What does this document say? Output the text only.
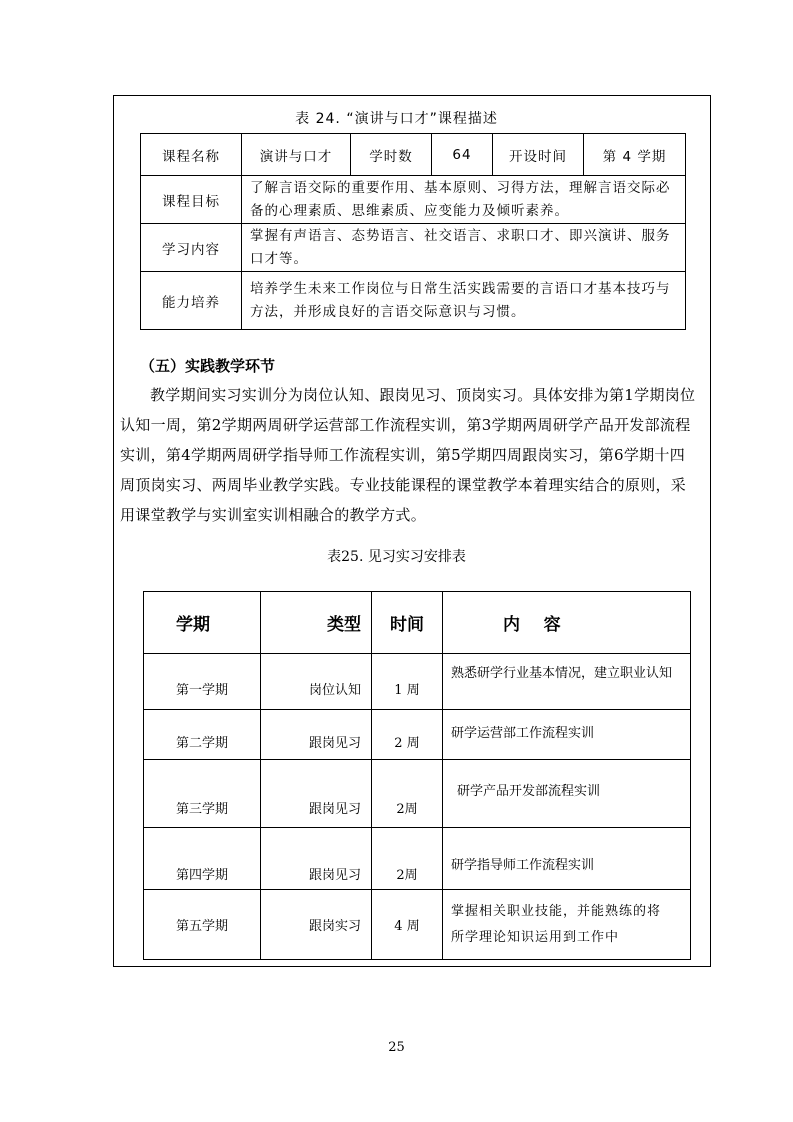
表 24. “演讲与口才”课程描述
课程名称	演讲与口才	学时数	64	开设时间	第 4 学期
课程目标	了解言语交际的重要作用、基本原则、习得方法，理解言语交际必备的心理素质、思维素质、应变能力及倾听素养。				
学习内容	掌握有声语言、态势语言、社交语言、求职口才、即兴演讲、服务口才等。				
能力培养	培养学生未来工作岗位与日常生活实践需要的言语口才基本技巧与方法，并形成良好的言语交际意识与习惯。				
（五）实践教学环节
教学期间实习实训分为岗位认知、跟岗见习、顶岗实习。具体安排为第1学期岗位认知一周，第2学期两周研学运营部工作流程实训，第3学期两周研学产品开发部流程实训，第4学期两周研学指导师工作流程实训，第5学期四周跟岗实习，第6学期十四周顶岗实习、两周毕业教学实践。专业技能课程的课堂教学本着理实结合的原则，采用课堂教学与实训室实训相融合的教学方式。
表25. 见习实习安排表
学期	类型	时间	内    容
第一学期	岗位认知	1 周	熟悉研学行业基本情况，建立职业认知
第二学期	跟岗见习	2 周	研学运营部工作流程实训
第三学期	跟岗见习	2周	研学产品开发部流程实训
第四学期	跟岗见习	2周	研学指导师工作流程实训
第五学期	跟岗实习	4 周	掌握相关职业技能，并能熟练的将所学理论知识运用到工作中
25
